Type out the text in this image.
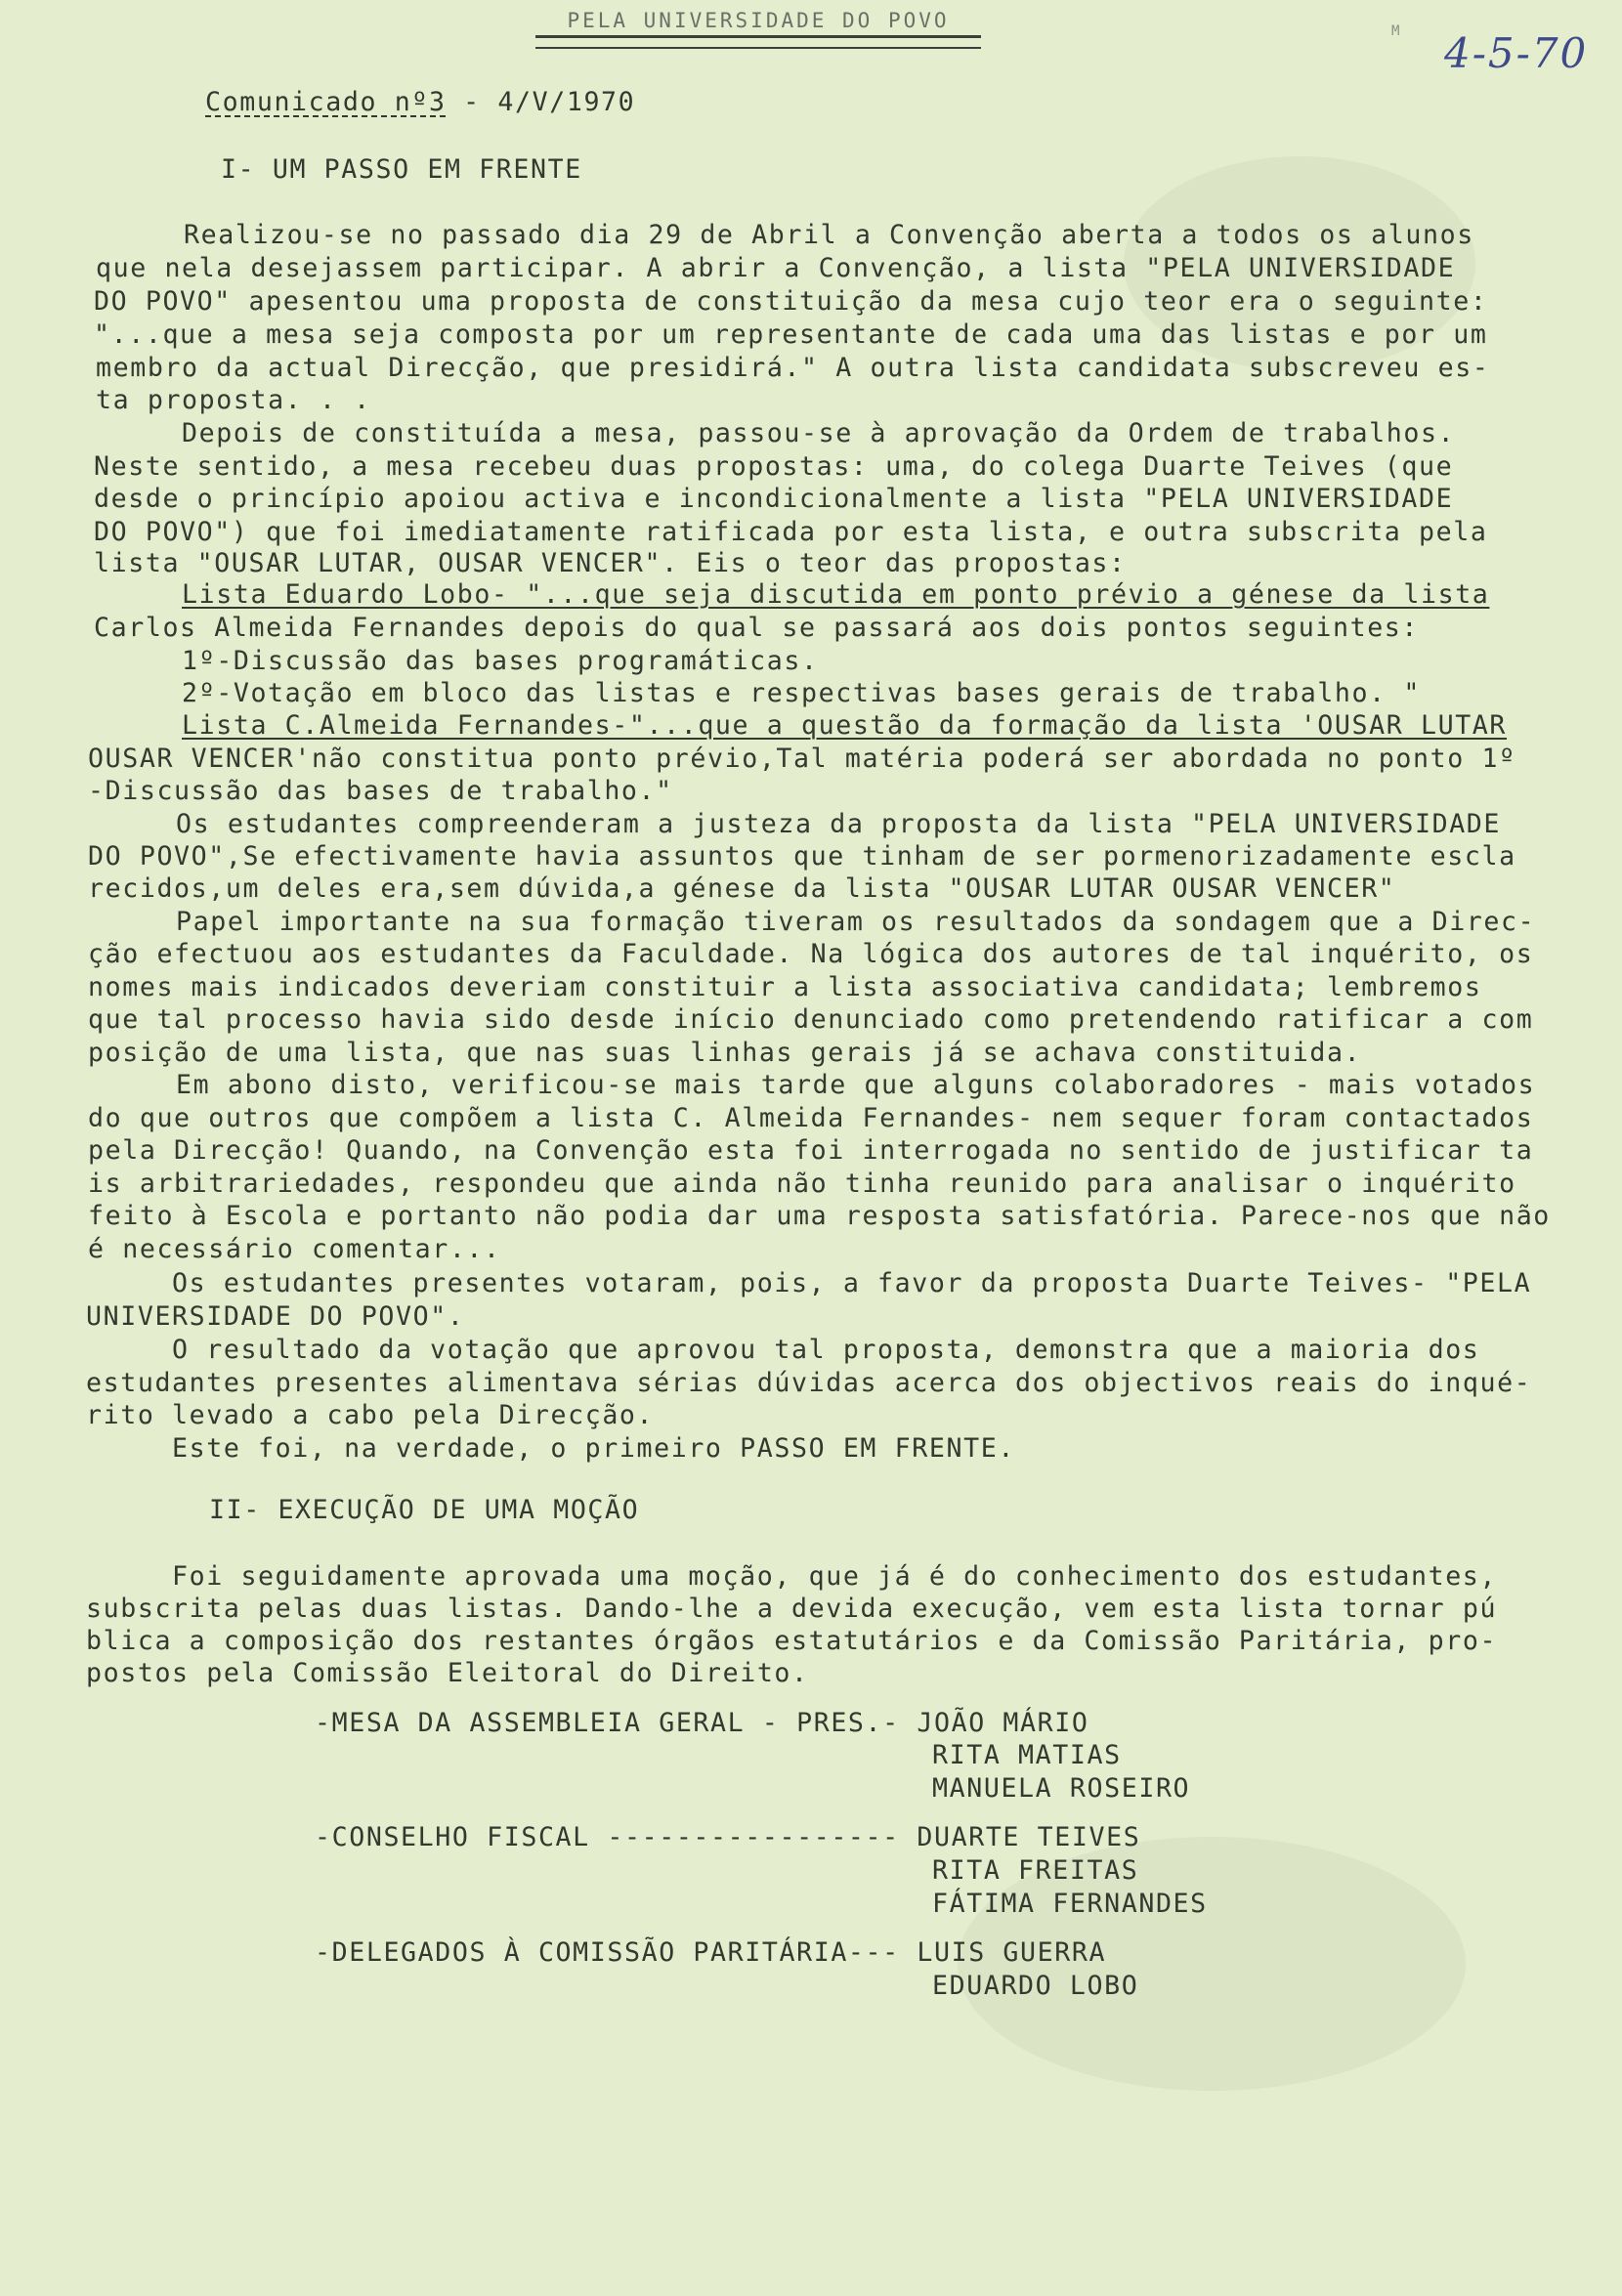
PELA UNIVERSIDADE DO POVO	M 4-5-70
Comunicado nº3 - 4/V/1970
I- UM PASSO EM FRENTE
Realizou-se no passado dia 29 de Abril a Convenção aberta a todos os alunos
que nela desejassem participar. A abrir a Convenção, a lista "PELA UNIVERSIDADE
DO POVO" apesentou uma proposta de constituição da mesa cujo teor era o seguinte:
"...que a mesa seja composta por um representante de cada uma das listas e por um
membro da actual Direcção, que presidirá." A outra lista candidata subscreveu es-
ta proposta. . .
Depois de constituída a mesa, passou-se à aprovação da Ordem de trabalhos.
Neste sentido, a mesa recebeu duas propostas: uma, do colega Duarte Teives (que
desde o princípio apoiou activa e incondicionalmente a lista "PELA UNIVERSIDADE
DO POVO") que foi imediatamente ratificada por esta lista, e outra subscrita pela
lista "OUSAR LUTAR, OUSAR VENCER". Eis o teor das propostas:
Lista Eduardo Lobo- "...que seja discutida em ponto prévio a génese da lista
Carlos Almeida Fernandes depois do qual se passará aos dois pontos seguintes:
1º-Discussão das bases programáticas.
2º-Votação em bloco das listas e respectivas bases gerais de trabalho. "
Lista C.Almeida Fernandes-"...que a questão da formação da lista 'OUSAR LUTAR
OUSAR VENCER'não constitua ponto prévio,Tal matéria poderá ser abordada no ponto 1º
-Discussão das bases de trabalho."
Os estudantes compreenderam a justeza da proposta da lista "PELA UNIVERSIDADE
DO POVO",Se efectivamente havia assuntos que tinham de ser pormenorizadamente escla
recidos,um deles era,sem dúvida,a génese da lista "OUSAR LUTAR OUSAR VENCER"
Papel importante na sua formação tiveram os resultados da sondagem que a Direc-
ção efectuou aos estudantes da Faculdade. Na lógica dos autores de tal inquérito, os
nomes mais indicados deveriam constituir a lista associativa candidata; lembremos
que tal processo havia sido desde início denunciado como pretendendo ratificar a com
posição de uma lista, que nas suas linhas gerais já se achava constituida.
Em abono disto, verificou-se mais tarde que alguns colaboradores - mais votados
do que outros que compõem a lista C. Almeida Fernandes- nem sequer foram contactados
pela Direcção! Quando, na Convenção esta foi interrogada no sentido de justificar ta
is arbitrariedades, respondeu que ainda não tinha reunido para analisar o inquérito
feito à Escola e portanto não podia dar uma resposta satisfatória. Parece-nos que não
é necessário comentar...
Os estudantes presentes votaram, pois, a favor da proposta Duarte Teives- "PELA
UNIVERSIDADE DO POVO".
O resultado da votação que aprovou tal proposta, demonstra que a maioria dos
estudantes presentes alimentava sérias dúvidas acerca dos objectivos reais do inqué-
rito levado a cabo pela Direcção.
Este foi, na verdade, o primeiro PASSO EM FRENTE.
II- EXECUÇÃO DE UMA MOÇÃO
Foi seguidamente aprovada uma moção, que já é do conhecimento dos estudantes,
subscrita pelas duas listas. Dando-lhe a devida execução, vem esta lista tornar pú
blica a composição dos restantes órgãos estatutários e da Comissão Paritária, pro-
postos pela Comissão Eleitoral do Direito.
-MESA DA ASSEMBLEIA GERAL - PRES.- JOÃO MÁRIO
RITA MATIAS
MANUELA ROSEIRO
-CONSELHO FISCAL ----------------- DUARTE TEIVES
RITA FREITAS
FÁTIMA FERNANDES
-DELEGADOS À COMISSÃO PARITÁRIA--- LUIS GUERRA
EDUARDO LOBO
